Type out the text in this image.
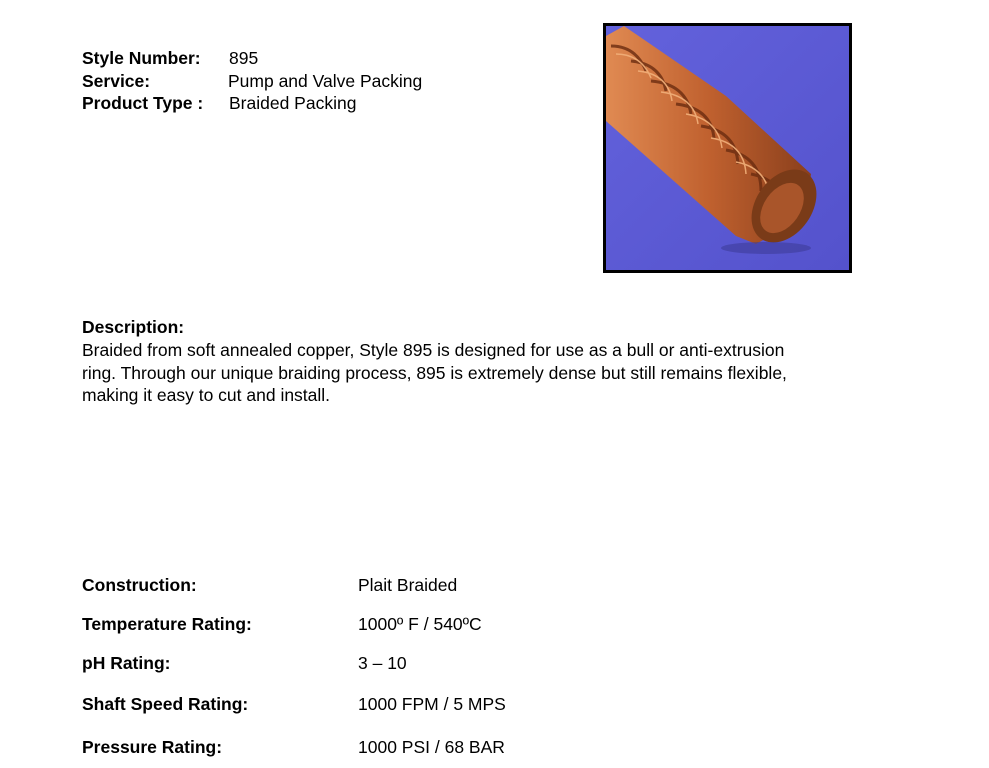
Style Number: 895
Service:	Pump and Valve Packing
Product Type : Braided Packing
Description:
Braided from soft annealed copper, Style 895 is designed for use as a bull or anti-extrusion
ring. Through our unique braiding process, 895 is extremely dense but still remains flexible,
making it easy to cut and install.
Construction:	Plait Braided
Temperature Rating:	1000º F / 540ºC
pH Rating:	3 – 10
Shaft Speed Rating:	1000 FPM / 5 MPS
Pressure Rating:	1000 PSI / 68 BAR
